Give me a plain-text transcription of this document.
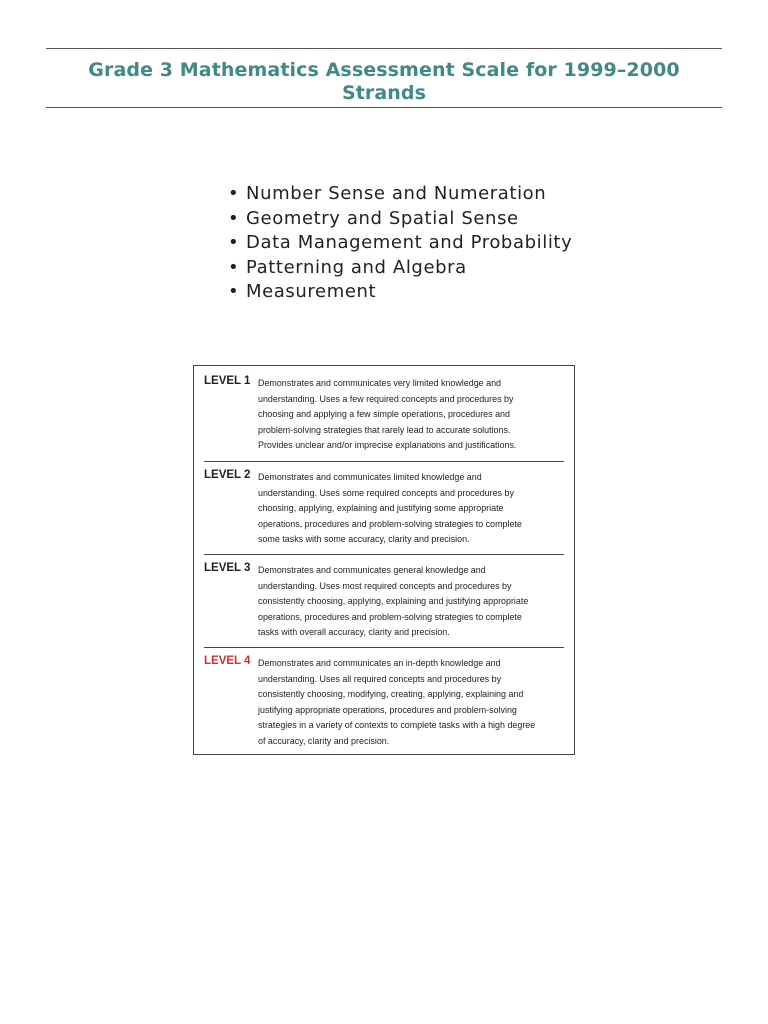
Grade 3 Mathematics Assessment Scale for 1999–2000
Strands
• Number Sense and Numeration
• Geometry and Spatial Sense
• Data Management and Probability
• Patterning and Algebra
• Measurement
LEVEL 1 Demonstrates and communicates very limited knowledge and understanding. Uses a few required concepts and procedures by choosing and applying a few simple operations, procedures and problem-solving strategies that rarely lead to accurate solutions. Provides unclear and/or imprecise explanations and justifications.
LEVEL 2 Demonstrates and communicates limited knowledge and understanding. Uses some required concepts and procedures by choosing, applying, explaining and justifying some appropriate operations, procedures and problem-solving strategies to complete some tasks with some accuracy, clarity and precision.
LEVEL 3 Demonstrates and communicates general knowledge and understanding. Uses most required concepts and procedures by consistently choosing, applying, explaining and justifying appropriate operations, procedures and problem-solving strategies to complete tasks with overall accuracy, clarity and precision.
LEVEL 4 Demonstrates and communicates an in-depth knowledge and understanding. Uses all required concepts and procedures by consistently choosing, modifying, creating, applying, explaining and justifying appropriate operations, procedures and problem-solving strategies in a variety of contexts to complete tasks with a high degree of accuracy, clarity and precision.
